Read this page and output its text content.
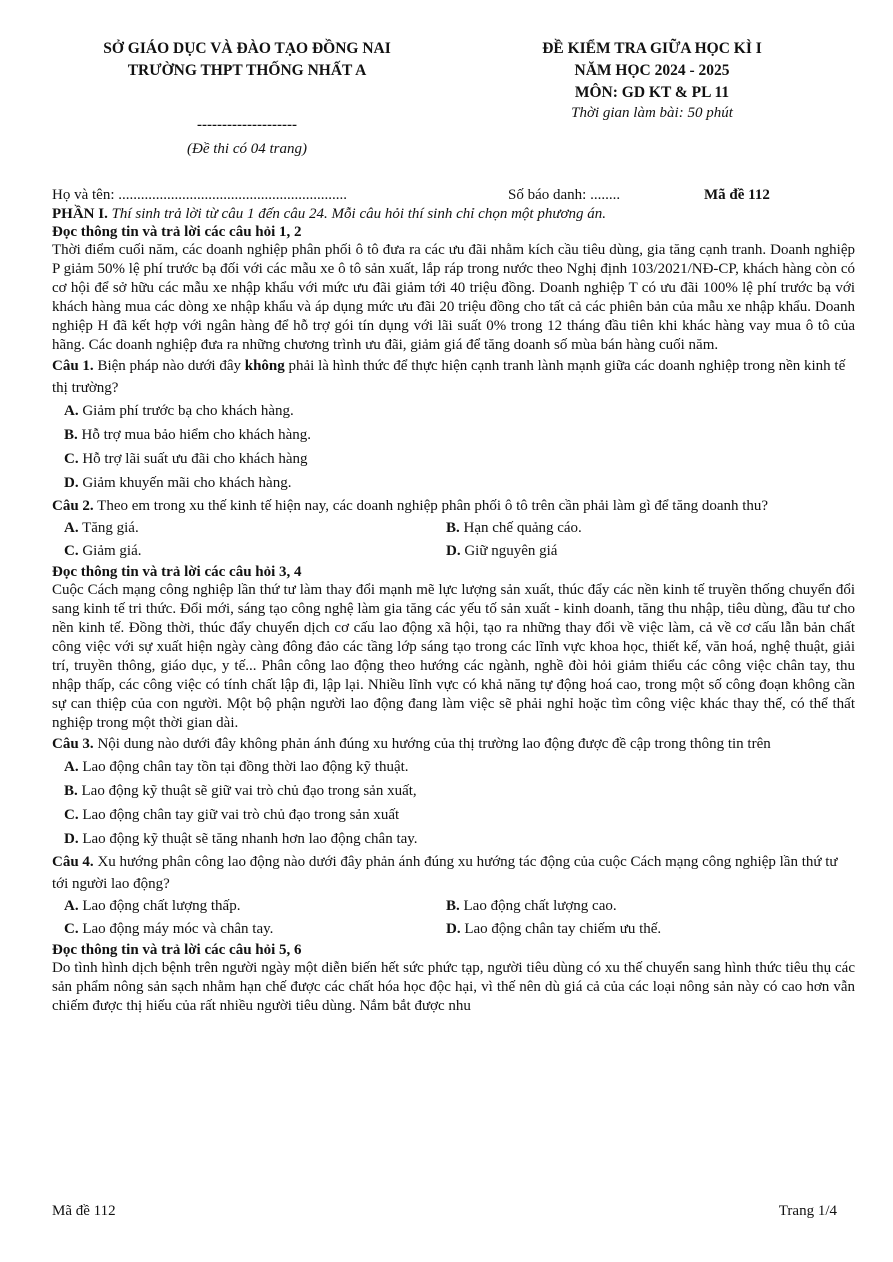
SỞ GIÁO DỤC VÀ ĐÀO TẠO ĐỒNG NAI
TRƯỜNG THPT THỐNG NHẤT A
--------------------
(Đề thi có 04 trang)
ĐỀ KIỂM TRA GIỮA HỌC KÌ I
NĂM HỌC 2024 - 2025
MÔN: GD KT & PL 11
Thời gian làm bài: 50 phút
Họ và tên: .............................................................	Số báo danh: ........	Mã đề 112

PHẦN I. Thí sinh trả lời từ câu 1 đến câu 24. Mỗi câu hỏi thí sinh chỉ chọn một phương án.

Đọc thông tin và trả lời các câu hỏi 1, 2

Thời điểm cuối năm, các doanh nghiệp phân phối ô tô đưa ra các ưu đãi nhằm kích cầu tiêu dùng, gia tăng cạnh tranh. Doanh nghiệp P giảm 50% lệ phí trước bạ đối với các mẫu xe ô tô sản xuất, lắp ráp trong nước theo Nghị định 103/2021/NĐ-CP, khách hàng còn có cơ hội để sở hữu các mẫu xe nhập khẩu với mức ưu đãi giảm tới 40 triệu đồng. Doanh nghiệp T có ưu đãi 100% lệ phí trước bạ với khách hàng mua các dòng xe nhập khẩu và áp dụng mức ưu đãi 20 triệu đồng cho tất cả các phiên bản của mẫu xe nhập khẩu. Doanh nghiệp H đã kết hợp với ngân hàng để hỗ trợ gói tín dụng với lãi suất 0% trong 12 tháng đầu tiên khi khác hàng vay mua ô tô của hãng. Các doanh nghiệp đưa ra những chương trình ưu đãi, giảm giá để tăng doanh số mùa bán hàng cuối năm.

Câu 1. Biện pháp nào dưới đây không phải là hình thức để thực hiện cạnh tranh lành mạnh giữa các doanh nghiệp trong nền kinh tế thị trường?

A. Giảm phí trước bạ cho khách hàng.
B. Hỗ trợ mua bảo hiểm cho khách hàng.
C. Hỗ trợ lãi suất ưu đãi cho khách hàng
D. Giảm khuyến mãi cho khách hàng.

Câu 2. Theo em trong xu thế kinh tế hiện nay, các doanh nghiệp phân phối ô tô trên cần phải làm gì để tăng doanh thu?

A. Tăng giá.	B. Hạn chế quảng cáo.
C. Giảm giá.	D. Giữ nguyên giá

Đọc thông tin và trả lời các câu hỏi 3, 4

Cuộc Cách mạng công nghiệp lần thứ tư làm thay đổi mạnh mẽ lực lượng sản xuất, thúc đẩy các nền kinh tế truyền thống chuyển đổi sang kinh tế tri thức. Đổi mới, sáng tạo công nghệ làm gia tăng các yếu tố sản xuất - kinh doanh, tăng thu nhập, tiêu dùng, đầu tư cho nền kinh tế. Đồng thời, thúc đẩy chuyển dịch cơ cấu lao động xã hội, tạo ra những thay đổi về việc làm, cả về cơ cấu lẫn bản chất công việc với sự xuất hiện ngày càng đông đảo các tầng lớp sáng tạo trong các lĩnh vực khoa học, thiết kế, văn hoá, nghệ thuật, giải trí, truyền thông, giáo dục, y tế... Phân công lao động theo hướng các ngành, nghề đòi hỏi giảm thiểu các công việc chân tay, thu nhập thấp, các công việc có tính chất lập đi, lập lại. Nhiều lĩnh vực có khả năng tự động hoá cao, trong một số công đoạn không cần sự can thiệp của con người. Một bộ phận người lao động đang làm việc sẽ phải nghỉ hoặc tìm công việc khác thay thế, có thể thất nghiệp trong một thời gian dài.

Câu 3. Nội dung nào dưới đây không phản ánh đúng xu hướng của thị trường lao động được đề cập trong thông tin trên

A. Lao động chân tay tồn tại đồng thời lao động kỹ thuật.
B. Lao động kỹ thuật sẽ giữ vai trò chủ đạo trong sản xuất,
C. Lao động chân tay giữ vai trò chủ đạo trong sản xuất
D. Lao động kỹ thuật sẽ tăng nhanh hơn lao động chân tay.

Câu 4. Xu hướng phân công lao động nào dưới đây phản ánh đúng xu hướng tác động của cuộc Cách mạng công nghiệp lần thứ tư tới người lao động?

A. Lao động chất lượng thấp.	B. Lao động chất lượng cao.
C. Lao động máy móc và chân tay.	D. Lao động chân tay chiếm ưu thế.

Đọc thông tin và trả lời các câu hỏi 5, 6

Do tình hình dịch bệnh trên người ngày một diễn biến hết sức phức tạp, người tiêu dùng có xu thế chuyển sang hình thức tiêu thụ các sản phẩm nông sản sạch nhằm hạn chế được các chất hóa học độc hại, vì thế nên dù giá cả của các loại nông sản này có cao hơn vẫn chiếm được thị hiếu của rất nhiều người tiêu dùng. Nắm bắt được nhu

Mã đề 112	Trang 1/4
